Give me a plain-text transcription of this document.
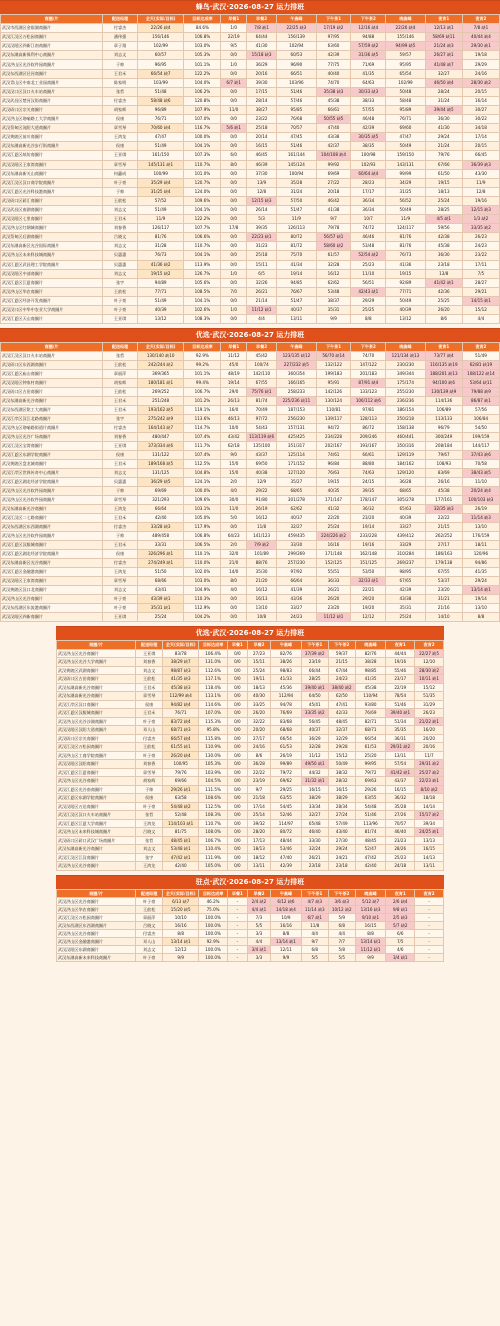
蜂鸟·武汉·2026-08-27 运力排班
商圈/片	配送经理	全天(实际/目标)	目标达成率	早餐1	早餐2	午高峰	下午茶1	下午茶2	晚高峰	夜宵1	夜宵2
武汉市西湖区金银湖商圈片	付睿杰	22/26 缺4	84.6%	1/0	7/8 缺1	22/25 缺3	17/19 缺2	12/16 缺4	22/26 缺4	12/13 缺1	7/8 缺1
武汉江汉区万松园商圈片	潘伟强	156/146	106.8%	22/19	64/44	156/139	97/95	94/88	155/146	58/69 缺11	40/44 缺4
武汉汉阳区四新江南商圈片	章子翔	102/99	103.0%	9/5	41/30	102/94	63/60	57/59 缺2	94/99 缺5	21/24 缺3	29/30 缺1
武汉东湖高新保利中心商圈片	刘志文	60/57	105.3%	0/0	15/18 缺3	60/53	42/39	31/36 缺5	59/57	26/27 缺1	19/18
武汉洪山区光谷软件园商圈片	于帅	96/95	101.1%	1/0	36/29	96/90	77/75	71/69	95/95	41/48 缺7	29/29
武汉东西湖区径河商圈片	王君禾	66/54 缺7	122.2%	0/0	20/16	66/51	40/40	41/35	65/54	32/27	24/16
武汉青山区中南北工业园商圈片	陈家明	103/99	104.0%	6/7 缺1	39/30	103/96	74/70	64/63	102/99	46/50 缺4	28/30 缺2
武汉汉口区汉口火车站商圈片	张哲	51/48	106.2%	0/0	17/15	51/46	35/38 缺3	30/33 缺3	50/48	28/24	20/15
武汉武昌区楚河汉街商圈片	付睿杰	58/48 缺6	120.8%	0/0	28/14	57/46	45/38	38/33	58/48	31/24	16/14
武汉硚口区宗关商圈片	胡家辉	96/89	107.9%	11/0	38/27	95/85	66/61	57/55	95/89	39/44 缺5	30/27
武汉洪山区珞喻路工大学商圈片	侯康	76/71	107.0%	0/0	23/22	76/68	50/55 缺5	46/48	76/71	36/30	30/22
武汉蔡甸区沌阳大道商圈片	章雪琴	70/60 缺4	116.7%	5/6 缺1	25/18	70/57	47/40	42/39	69/60	41/30	34/18
武汉黄陂区前川商圈片	王鸿龙	47/47	100.0%	0/0	20/14	47/45	43/38	30/35 缺5	47/47	29/24	17/14
武汉东湖高新光谷步行街商圈片	侯康	51/49	104.1%	0/0	16/15	51/46	42/37	38/35	50/49	21/24	20/15
武汉江夏区纸坊商圈片	王亚琪	161/150	107.3%	6/0	46/45	161/144	104/108 缺4	100/98	159/150	79/76	66/45
武汉汉阳区王家湾商圈片	章雪琴	145/131 缺1	110.7%	8/0	46/39	145/124	99/92	102/93	143/131	67/66	36/39 缺3
武汉东湖高新关山商圈片	何蕙成	100/99	101.0%	0/0	37/30	100/94	69/69	60/64 缺4	99/99	61/50	43/30
武汉江汉区汉口商学院商圈片	叶子豪	35/29 缺4	120.7%	0/0	13/9	35/28	27/22	28/23	34/29	19/15	11/9
武汉江夏区光谷科技港商圈片	于帅	31/25 缺4	124.0%	0/0	12/8	31/24	20/18	17/17	31/25	18/13	12/8
武汉硚口区硚汇商圈片	王歆松	57/52	109.6%	0/0	12/15 缺3	57/50	46/42	36/34	56/52	25/24	19/16
武汉武昌区南湖商圈片	刘志文	51/49	104.1%	0/0	26/14	51/47	41/38	36/34	50/49	28/25	12/15 缺3
武汉汉阳区七里商圈片	王君禾	11/9	122.2%	0/0	5/3	11/9	9/7	10/7	11/9	4/5 缺1	1/3 缺2
武汉洪山区红钢城商圈片	刘春香	126/117	107.7%	17/8	39/35	126/113	79/78	74/72	124/117	59/56	33/35 缺2
武汉蔡甸区后湖商圈片	吕晓文	81/76	106.6%	0/0	22/23 缺1	80/72	56/57 缺1	46/46	81/76	42/38	26/23
武汉东湖高新区光谷国际商圈片	刘志文	31/28	110.7%	0/0	31/23	81/72	58/60 缺2	53/48	81/76	45/38	24/23
武汉洪山区未来科技城商圈片	贝惠惠	76/73	104.1%	0/0	25/18	75/70	61/57	52/54 缺2	76/73	36/30	23/22
武汉江夏区武昌理工学院商圈片	贝惠惠	41/36 缺2	113.9%	0/0	15/11	41/34	32/28	25/23	41/36	23/18	17/11
武汉汉阳区中部商圈片	刘志文	19/15 缺2	126.7%	1/0	6/5	19/14	16/12	11/10	19/15	13/8	7/5
武汉江夏区江夏商圈片	张宇	94/89	105.6%	0/0	32/26	94/85	62/62	56/51	92/89	41/42 缺1	28/27
武汉洪山区华农商圈片	王歆松	77/71	108.5%	7/0	26/21	76/67	53/48	42/43 缺1	77/71	42/36	29/21
武汉江夏区经济开发商圈片	叶子豪	51/49	104.1%	0/0	21/14	51/47	38/37	29/29	50/49	25/25	14/15 缺1
武汉汉口区中华中农业大学商圈片	叶子豪	40/39	102.6%	1/0	11/12 缺1	40/37	35/31	25/25	40/39	26/20	15/12
武汉江夏区天山商圈片	王亚琪	13/12	108.3%	0/0	4/4	13/11	9/9	8/8	13/12	8/6	4/4
优选·武汉·2026-08-27 运力排班
商圈/片	配送经理	全天(实际/目标)	目标达成率	早餐1	早餐2	午高峰	下午茶1	下午茶2	晚高峰	夜宵1	夜宵2
武汉江汉区汉口火车站商圈片	张哲	130/140 缺10	92.9%	11/12	45/42	123/135 缺12	56/70 缺14	74/70	121/134 缺13	73/77 缺4	51/49
武汉硚口区东西湖商圈片	王歆松	242/244 缺2	99.2%	45/0	100/74	227/232 缺5	132/122	147/122	230/230	116/135 缺19	62/81 缺19
武汉江夏区庙山商圈片	章丽萍	369/365	101.1%	48/19	142/110	360/354	199/183	201/183	349/344	188/201 缺13	108/122 缺14
武汉汉阳区钟家村商圈片	胡家辉	180/181 缺1	99.4%	19/14	67/55	166/165	95/91	87/91 缺4	175/174	94/100 缺6	53/64 缺11
武汉硚口区古田商圈片	王歆松	269/252	106.7%	29/0	75/76 缺1	258/233	142/126	133/123	255/230	130/139 缺9	79/88 缺9
武汉东湖高新光谷商圈片	王君禾	251/248	101.2%	26/13	81/74	225/236 缺11	130/124	106/112 缺6	236/236	114/136	86/87 缺1
武汉东西湖区铭工大商圈片	王君禾	193/162 缺5	119.1%	16/0	70/49	187/153	110/81	97/81	186/154	106/89	57/56
武汉江岸区汉江北路商圈片	张宇	275/242 缺9	113.6%	46/13	97/72	256/230	139/117	128/113	250/218	113/133	106/84
武汉洪山区珞喻路街道片商圈片	付睿杰	164/143 缺7	114.7%	10/0	54/43	157/131	94/72	86/72	158/138	96/79	54/50
武汉洪山区光谷广场商圈片	刘春香	480/447	107.4%	43/42	113/119 缺6	425/425	234/228	209/246	460/441	300/249	199/159
武汉江汉区宝湾商圈片	王亚琪	373/334 缺6	111.7%	62/18	135/100	351/317	202/167	193/167	350/316	208/184	144/117
武汉江夏区东湖学院商圈片	侯康	131/122	107.4%	9/0	43/37	125/114	74/61	66/61	129/119	79/67	37/43 缺6
武汉黄陂区盘龙城商圈片	王君禾	189/168 缺5	112.5%	15/0	69/50	171/152	96/84	88/80	184/162	108/93	70/58
武汉江岸区世界传奇中心商圈片	刘志文	131/125	104.8%	15/0	40/38	127/120	76/63	74/63	129/120	83/69	38/43 缺5
武汉江夏区湖北经济学院商圈片	贝惠惠	36/29 缺5	124.1%	2/0	12/9	35/27	19/15	24/15	36/28	26/16	11/10
武汉洪山区光谷软件园商圈片	于帅	69/69	100.0%	4/0	29/22	68/65	40/35	39/35	68/65	45/38	20/24 缺4
武汉洪山区光谷软件园商圈片	章雪琴	321/293	109.6%	30/0	91/80	301/278	171/147	178/147	305/278	177/161	100/103 缺3
武汉东湖高新光谷商圈片	王鸿龙	66/64	103.1%	11/0	26/19	62/62	41/32	36/32	65/63	32/35 缺3	26/19
武汉江汉区二七路商圈片	王君禾	42/40	105.0%	5/0	16/12	40/37	22/20	23/20	40/39	22/22	11/14 缺3
武汉东西湖区东西湖商圈片	付睿杰	33/28 缺3	117.9%	0/0	11/8	32/27	25/24	19/14	33/27	21/15	13/10
武汉洪山区光谷软件园商圈片	于帅	489/458	106.8%	64/23	141/123	459/435	224/226 缺2	233/228	439/412	262/252	176/159
武汉江夏区汉服城商圈片	王君禾	33/31	106.5%	2/0	7/9 缺2	33/30	16/16	19/16	33/29	27/17	18/11
武汉江夏区湖北经济学院商圈片	侯康	326/296 缺1	110.1%	32/0	101/89	299/269	171/148	162/148	310/284	186/163	120/96
武汉东湖高新区光谷商圈片	付睿杰	274/249 缺1	110.0%	21/0	88/76	257/230	152/125	151/125	269/237	179/138	94/86
武汉江夏区金融港商圈片	王鸿龙	51/50	102.0%	14/0	35/30	97/92	55/51	53/50	98/95	67/55	41/35
武汉汉阳区王家湾商圈片	章雪琴	68/66	103.0%	8/0	21/20	66/64	36/33	32/33 缺1	67/65	53/37	29/24
武汉黄陂区汉口北商圈片	刘志文	43/41	104.9%	4/0	16/12	41/39	26/21	22/21	42/39	23/20	13/14 缺1
武汉洪山区光谷商圈片	叶子豪	43/39 缺1	110.3%	0/0	16/13	43/36	26/20	29/20	43/38	31/21	19/14
武汉东西湖区东流港商圈片	叶子豪	35/31 缺1	112.9%	0/0	13/10	33/27	23/20	19/20	35/31	21/16	13/10
武汉汉阳区四新商圈片	王亚琪	25/24	104.2%	0/0	10/8	24/23	11/12 缺1	12/12	25/24	14/10	8/8
优选·武汉·2026-08-27 运力排班
商圈/片	配送经理	全天(实际/目标)	目标达成率	早餐1	早餐2	午高峰	下午茶1	下午茶2	晚高峰	夜宵1	夜宵2
武汉洪山区光谷商圈片	王亚琪	83/78	106.4%	0/0	27/23	82/76	37/39 缺2	59/37	82/76	44/44	22/27 缺5
武汉洪山区光谷大学商圈片	刘春香	38/29 缺7	131.0%	0/0	15/11	38/26	23/19	21/15	38/28	19/16	12/10
武汉黄陂区武湖商圈片	刘志文	98/87 缺3	112.6%	0/0	25/24	98/83	66/44	67/44	98/85	55/46	28/30 缺2
武汉硚口区古田商圈片	王歆松	41/35 缺3	117.1%	0/0	19/11	41/33	28/25	24/23	41/35	23/17	10/11 缺1
武汉东湖高新光谷商圈片	王君禾	45/38 缺3	118.4%	0/0	18/13	45/36	39/40 缺1	38/40 缺2	45/38	22/19	15/12
武汉东湖高新光谷商圈片	章雪琴	112/99 缺4	113.1%	0/0	40/30	112/94	64/50	62/50	110/94	78/54	51/35
武汉江岸区汉口商圈片	侯康	94/82 缺4	114.6%	0/0	33/25	94/78	45/41	47/41	93/80	51/46	31/29
武汉江夏区汉服城商圈片	王君禾	76/71	107.0%	0/0	26/20	76/69	33/35 缺2	42/33	76/69	39/40 缺1	26/23
武汉洪山区光谷沙湖商圈片	叶子豪	83/72 缺4	115.3%	0/0	32/22	83/68	56/45	48/45	82/71	51/34	21/22 缺1
武汉汉阳区汉阳大道商圈片	邓人山	68/71 缺3	95.8%	0/0	20/20	68/68	40/37	32/37	68/71	35/35	16/20
武汉硚口区宗关商圈片	付睿杰	66/57 缺4	115.8%	0/0	27/17	66/54	36/29	32/29	66/54	36/31	20/20
武汉江汉区万松园商圈片	王歆松	61/55 缺1	110.9%	0/0	24/16	61/53	32/28	29/28	61/53	29/31 缺2	20/16
武汉洪山区工商学院商圈片	叶子豪	26/20 缺4	130.0%	0/0	8/6	26/19	11/12	15/12	25/20	13/11	11/7
武汉汉阳区汉阳商圈片	刘春香	100/95	105.3%	0/0	36/28	99/89	49/50 缺1	50/49	99/95	57/54	29/31 缺2
武汉江夏区江夏商圈片	章雪琴	79/76	103.9%	0/0	22/22	79/72	44/32	38/32	79/72	41/42 缺1	25/27 缺2
武汉洪山区光谷商圈片	胡家辉	69/66	104.5%	0/0	23/19	69/62	31/32 缺1	28/32	69/63	43/37	22/23 缺1
武汉江夏区光谷南商圈片	于帅	29/26 缺1	111.5%	0/0	9/7	29/25	16/15	16/15	29/26	16/15	8/10 缺2
武汉江夏区东湖学院商圈片	侯康	63/58	108.6%	0/0	21/18	63/55	38/29	38/29	63/55	36/32	18/18
武汉汉阳区万达商圈片	叶子豪	54/48 缺2	112.5%	0/0	17/14	54/45	33/34	28/34	54/48	35/28	14/14
武汉江汉区汉口火车站商圈片	张哲	52/48	108.3%	0/0	25/14	52/46	32/27	27/24	51/46	27/26	15/17 缺2
武汉江夏区江夏大学商圈片	王鸿龙	114/103 缺1	110.7%	0/0	39/32	114/97	65/48	57/49	113/96	70/57	39/34
武汉洪山区未来科技城商圈片	吕晓文	81/75	108.0%	0/0	28/20	80/72	46/40	43/40	81/74	46/40	24/25 缺1
武汉硚口区硚口武汉广场商圈片	张哲	48/45 缺1	106.7%	0/0	17/13	48/44	33/30	27/30	48/45	23/23	13/13
武汉东湖高新光谷商圈片	刘志文	53/48 缺1	110.4%	0/0	18/13	53/46	32/24	29/24	52/47	28/26	16/15
武汉江汉区江汉商圈片	张宇	47/42 缺1	111.9%	0/0	18/12	47/40	26/21	24/21	47/42	25/23	14/13
武汉洪山区光谷商圈片	王鸿龙	42/40	105.0%	0/0	13/11	42/39	23/18	23/18	42/40	24/18	13/11
驻点·武汉·2026-08-27 运力排班
商圈/片	配送经理	全天(实际/目标)	目标达成率	早餐1	早餐2	午高峰	下午茶1	下午茶2	晚高峰	夜宵1	夜宵2
武汉洪山区光谷商圈片	叶子豪	6/13 缺7	46.2%	-	2/4 缺2	6/12 缺6	4/7 缺3	3/6 缺3	5/12 缺7	2/6 缺4	-
武汉洪山区华农商圈片	王歆松	15/20 缺5	75.0%	-	4/4 缺1	14/18 缺4	11/14 缺3	10/12 缺2	13/16 缺3	9/8 缺1	-
武汉江汉区万松园商圈片	章丽萍	10/10	100.0%	-	7/3	10/9	6/7 缺1	5/9	9/10 缺1	2/5 缺3	-
武汉东西湖区东西湖商圈片	吕晓文	16/16	100.0%	-	5/5	16/16	11/8	6/8	16/15	5/7 缺2	-
武汉洪山区光谷商圈片	付睿杰	8/8	100.0%	-	3/3	8/8	4/4	4/4	8/8	6/6	-
武汉洪山区金融港商圈片	邓人山	13/14 缺1	92.9%	-	4/4	13/14 缺1	9/7	7/7	13/14 缺1	7/5	-
武汉汉阳区东湖商圈片	刘志文	12/12	100.0%	-	3/4 缺1	12/11	6/8	5/8	11/12 缺1	4/6	-
武汉东湖高新未来科技商圈片	叶子豪	9/9	100.0%	-	3/3	9/9	5/5	5/5	9/9	3/4 缺1	-
